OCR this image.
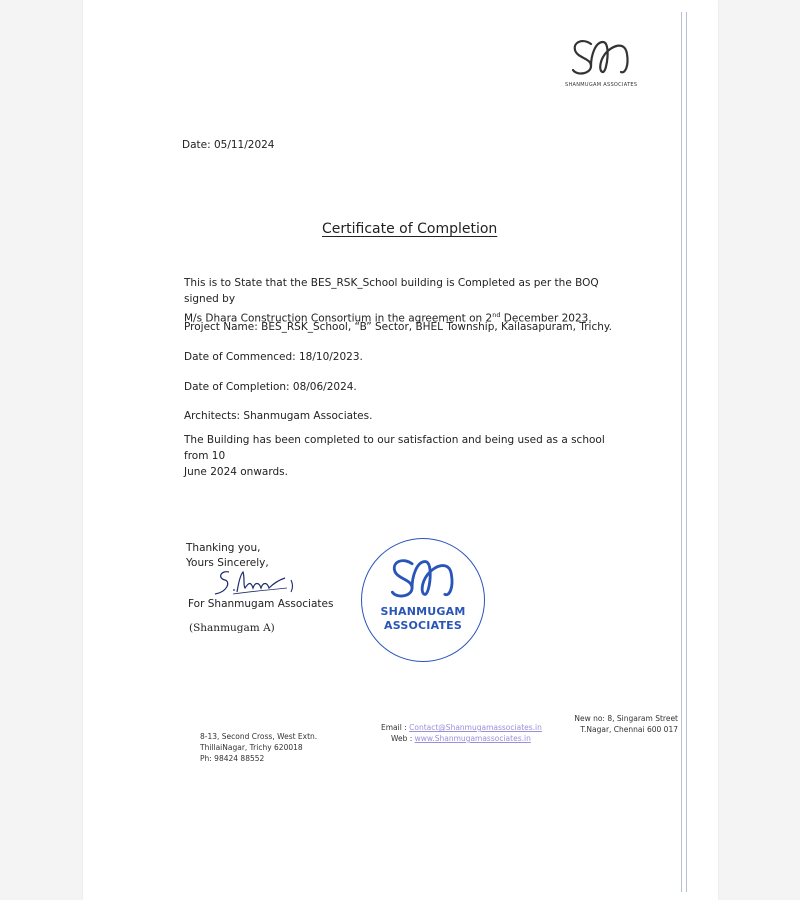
SHANMUGAM ASSOCIATES
Date: 05/11/2024
Certificate of Completion
This is to State that the BES_RSK_School building is Completed as per the BOQ signed by
M/s Dhara Construction Consortium in the agreement on 2nd December 2023.
Project Name: BES_RSK_School, “B” Sector, BHEL Township, Kailasapuram, Trichy.
Date of Commenced: 18/10/2023.
Date of Completion: 08/06/2024.
Architects: Shanmugam Associates.
The Building has been completed to our satisfaction and being used as a school from 10
June 2024 onwards.
Thanking you,
Yours Sincerely,
For Shanmugam Associates
(Shanmugam A)
SHANMUGAM
ASSOCIATES
8-13, Second Cross, West Extn.
ThillaiNagar, Trichy 620018
Ph: 98424 88552
Email : Contact@Shanmugamassociates.in
Web : www.Shanmugamassociates.in
New no: 8, Singaram Street
T.Nagar, Chennai 600 017
